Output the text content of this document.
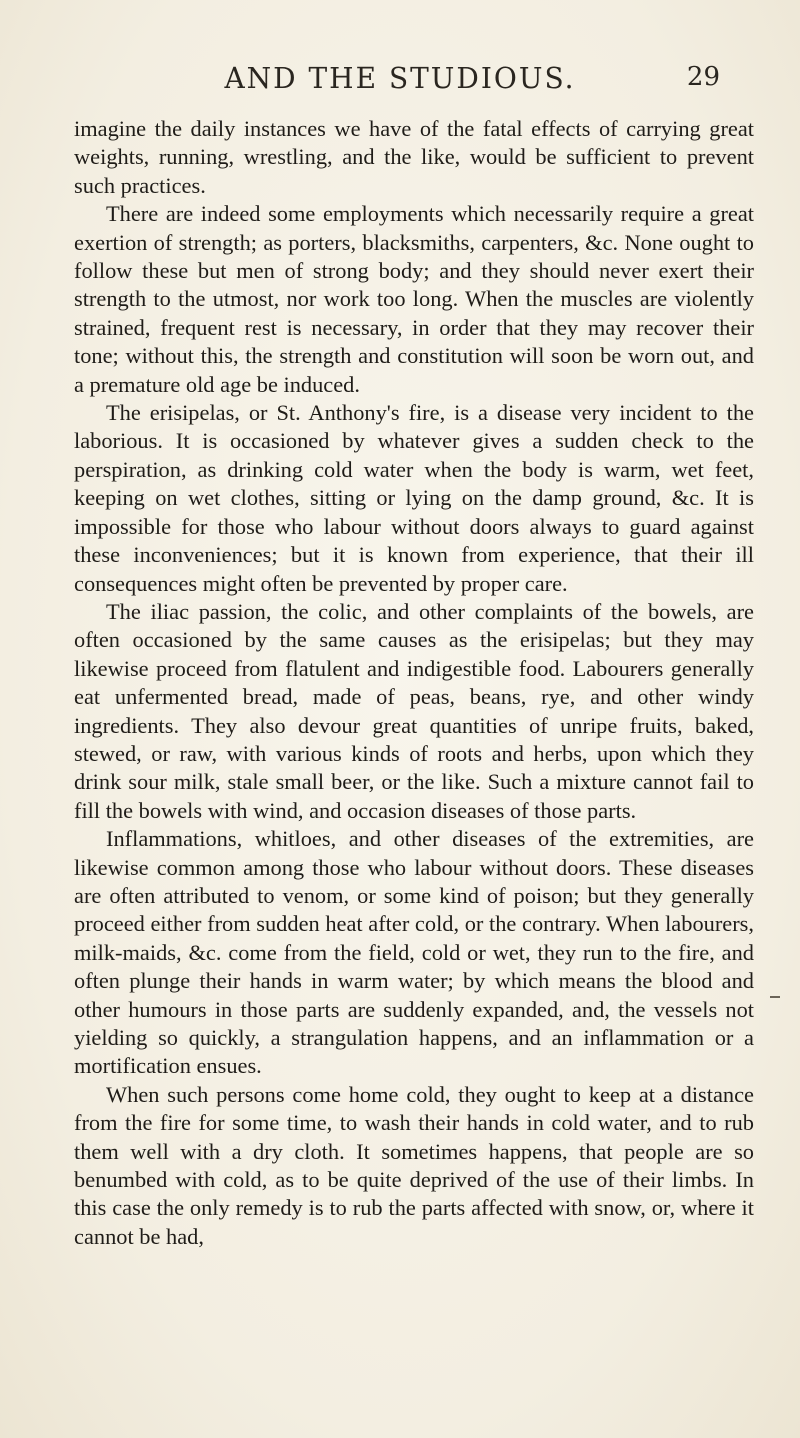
AND THE STUDIOUS.	29

imagine the daily instances we have of the fatal effects of carrying great weights, running, wrestling, and the like, would be sufficient to prevent such practices.

There are indeed some employments which necessarily require a great exertion of strength; as porters, blacksmiths, carpenters, &c. None ought to follow these but men of strong body; and they should never exert their strength to the utmost, nor work too long. When the muscles are violently strained, frequent rest is necessary, in order that they may recover their tone; without this, the strength and constitution will soon be worn out, and a premature old age be induced.

The erisipelas, or St. Anthony's fire, is a disease very incident to the laborious. It is occasioned by whatever gives a sudden check to the perspiration, as drinking cold water when the body is warm, wet feet, keeping on wet clothes, sitting or lying on the damp ground, &c. It is impossible for those who labour without doors always to guard against these inconveniences; but it is known from experience, that their ill consequences might often be prevented by proper care.

The iliac passion, the colic, and other complaints of the bowels, are often occasioned by the same causes as the erisipelas; but they may likewise proceed from flatulent and indigestible food. Labourers generally eat unfermented bread, made of peas, beans, rye, and other windy ingredients. They also devour great quantities of unripe fruits, baked, stewed, or raw, with various kinds of roots and herbs, upon which they drink sour milk, stale small beer, or the like. Such a mixture cannot fail to fill the bowels with wind, and occasion diseases of those parts.

Inflammations, whitloes, and other diseases of the extremities, are likewise common among those who labour without doors. These diseases are often attributed to venom, or some kind of poison; but they generally proceed either from sudden heat after cold, or the contrary. When labourers, milk-maids, &c. come from the field, cold or wet, they run to the fire, and often plunge their hands in warm water; by which means the blood and other humours in those parts are suddenly expanded, and, the vessels not yielding so quickly, a strangulation happens, and an inflammation or a mortification ensues.

When such persons come home cold, they ought to keep at a distance from the fire for some time, to wash their hands in cold water, and to rub them well with a dry cloth. It sometimes happens, that people are so benumbed with cold, as to be quite deprived of the use of their limbs. In this case the only remedy is to rub the parts affected with snow, or, where it cannot be had,
